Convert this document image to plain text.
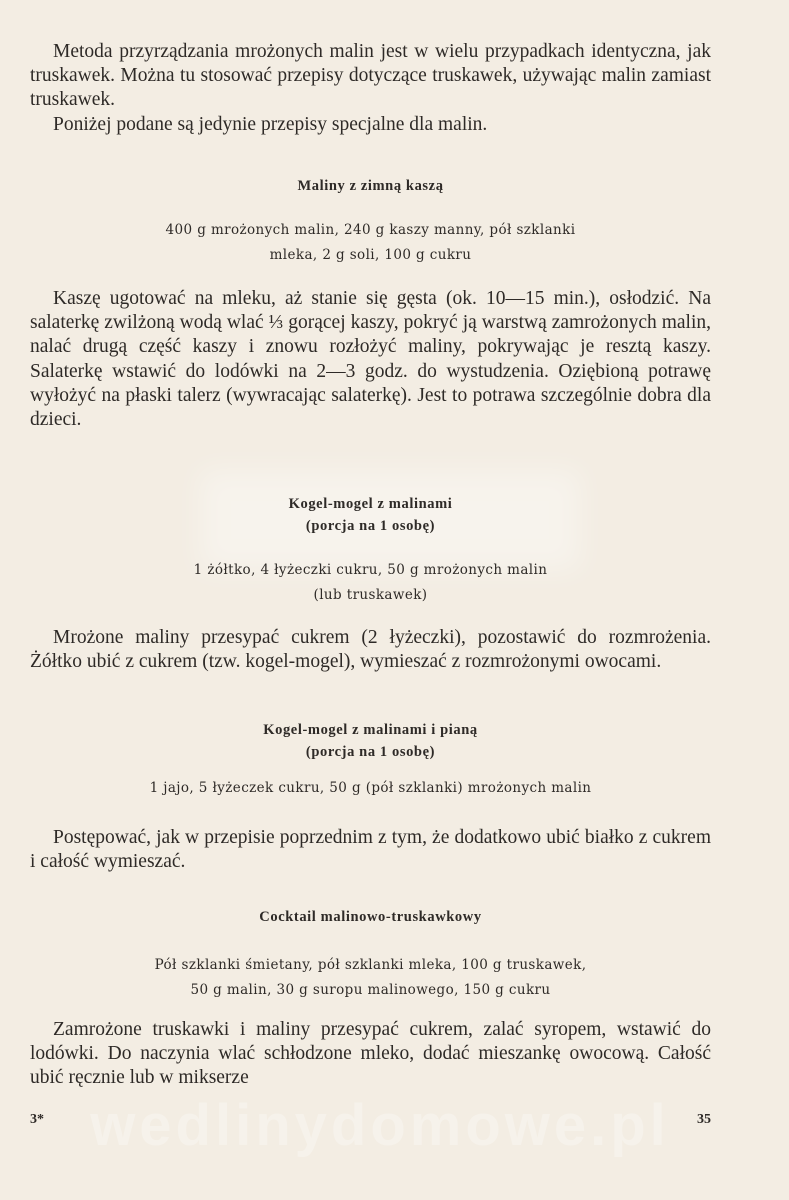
Metoda przyrządzania mrożonych malin jest w wielu przypadkach identyczna, jak truskawek. Można tu stosować przepisy dotyczące truskawek, używając malin zamiast truskawek.

Poniżej podane są jedynie przepisy specjalne dla malin.

Maliny z zimną kaszą
400 g mrożonych malin, 240 g kaszy manny, pół szklanki
mleka, 2 g soli, 100 g cukru

Kaszę ugotować na mleku, aż stanie się gęsta (ok. 10—15 min.), osłodzić. Na salaterkę zwilżoną wodą wlać ⅓ gorącej kaszy, pokryć ją warstwą zamrożonych malin, nalać drugą część kaszy i znowu rozłożyć maliny, pokrywając je resztą kaszy. Salaterkę wstawić do lodówki na 2—3 godz. do wystudzenia. Oziębioną potrawę wyłożyć na płaski talerz (wywracając salaterkę). Jest to potrawa szczególnie dobra dla dzieci.

Kogel-mogel z malinami
(porcja na 1 osobę)
1 żółtko, 4 łyżeczki cukru, 50 g mrożonych malin
(lub truskawek)

Mrożone maliny przesypać cukrem (2 łyżeczki), pozostawić do rozmrożenia. Żółtko ubić z cukrem (tzw. kogel-mogel), wymieszać z rozmrożonymi owocami.

Kogel-mogel z malinami i pianą
(porcja na 1 osobę)
1 jajo, 5 łyżeczek cukru, 50 g (pół szklanki) mrożonych malin

Postępować, jak w przepisie poprzednim z tym, że dodatkowo ubić białko z cukrem i całość wymieszać.

Cocktail malinowo-truskawkowy
Pół szklanki śmietany, pół szklanki mleka, 100 g truskawek,
50 g malin, 30 g suropu malinowego, 150 g cukru

Zamrożone truskawki i maliny przesypać cukrem, zalać syropem, wstawić do lodówki. Do naczynia wlać schłodzone mleko, dodać mieszankę owocową. Całość ubić ręcznie lub w mikserze

wedlinydomowe.pl
3*	35
